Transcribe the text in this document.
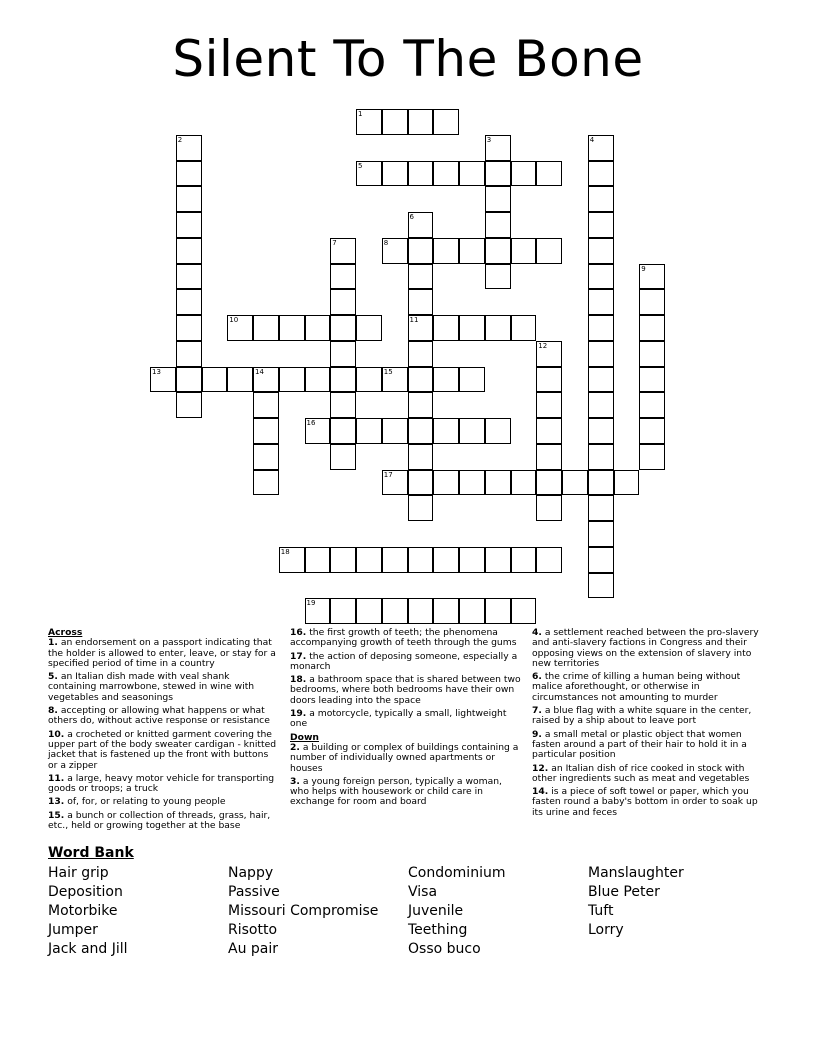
Silent To The Bone
1
2	3	4
5
6
11
7	8
9
10
12
13	14	15
16
17
18
19
Across
1. an endorsement on a passport indicating that the holder is allowed to enter, leave, or stay for a specified period of time in a country
5. an Italian dish made with veal shank containing marrowbone, stewed in wine with vegetables and seasonings
8. accepting or allowing what happens or what others do, without active response or resistance
10. a crocheted or knitted garment covering the upper part of the body sweater cardigan - knitted jacket that is fastened up the front with buttons or a zipper
11. a large, heavy motor vehicle for transporting goods or troops; a truck
13. of, for, or relating to young people
15. a bunch or collection of threads, grass, hair, etc., held or growing together at the base
16. the first growth of teeth; the phenomena accompanying growth of teeth through the gums
17. the action of deposing someone, especially a monarch
18. a bathroom space that is shared between two bedrooms, where both bedrooms have their own doors leading into the space
19. a motorcycle, typically a small, lightweight one
Down
2. a building or complex of buildings containing a number of individually owned apartments or houses
3. a young foreign person, typically a woman, who helps with housework or child care in exchange for room and board
4. a settlement reached between the pro-slavery and anti-slavery factions in Congress and their opposing views on the extension of slavery into new territories
6. the crime of killing a human being without malice aforethought, or otherwise in circumstances not amounting to murder
7. a blue flag with a white square in the center, raised by a ship about to leave port
9. a small metal or plastic object that women fasten around a part of their hair to hold it in a particular position
12. an Italian dish of rice cooked in stock with other ingredients such as meat and vegetables
14. is a piece of soft towel or paper, which you fasten round a baby's bottom in order to soak up its urine and feces
Word Bank
Hair grip
Deposition
Motorbike
Jumper
Jack and Jill
Nappy
Passive
Missouri Compromise
Risotto
Au pair
Condominium
Visa
Juvenile
Teething
Osso buco
Manslaughter
Blue Peter
Tuft
Lorry
